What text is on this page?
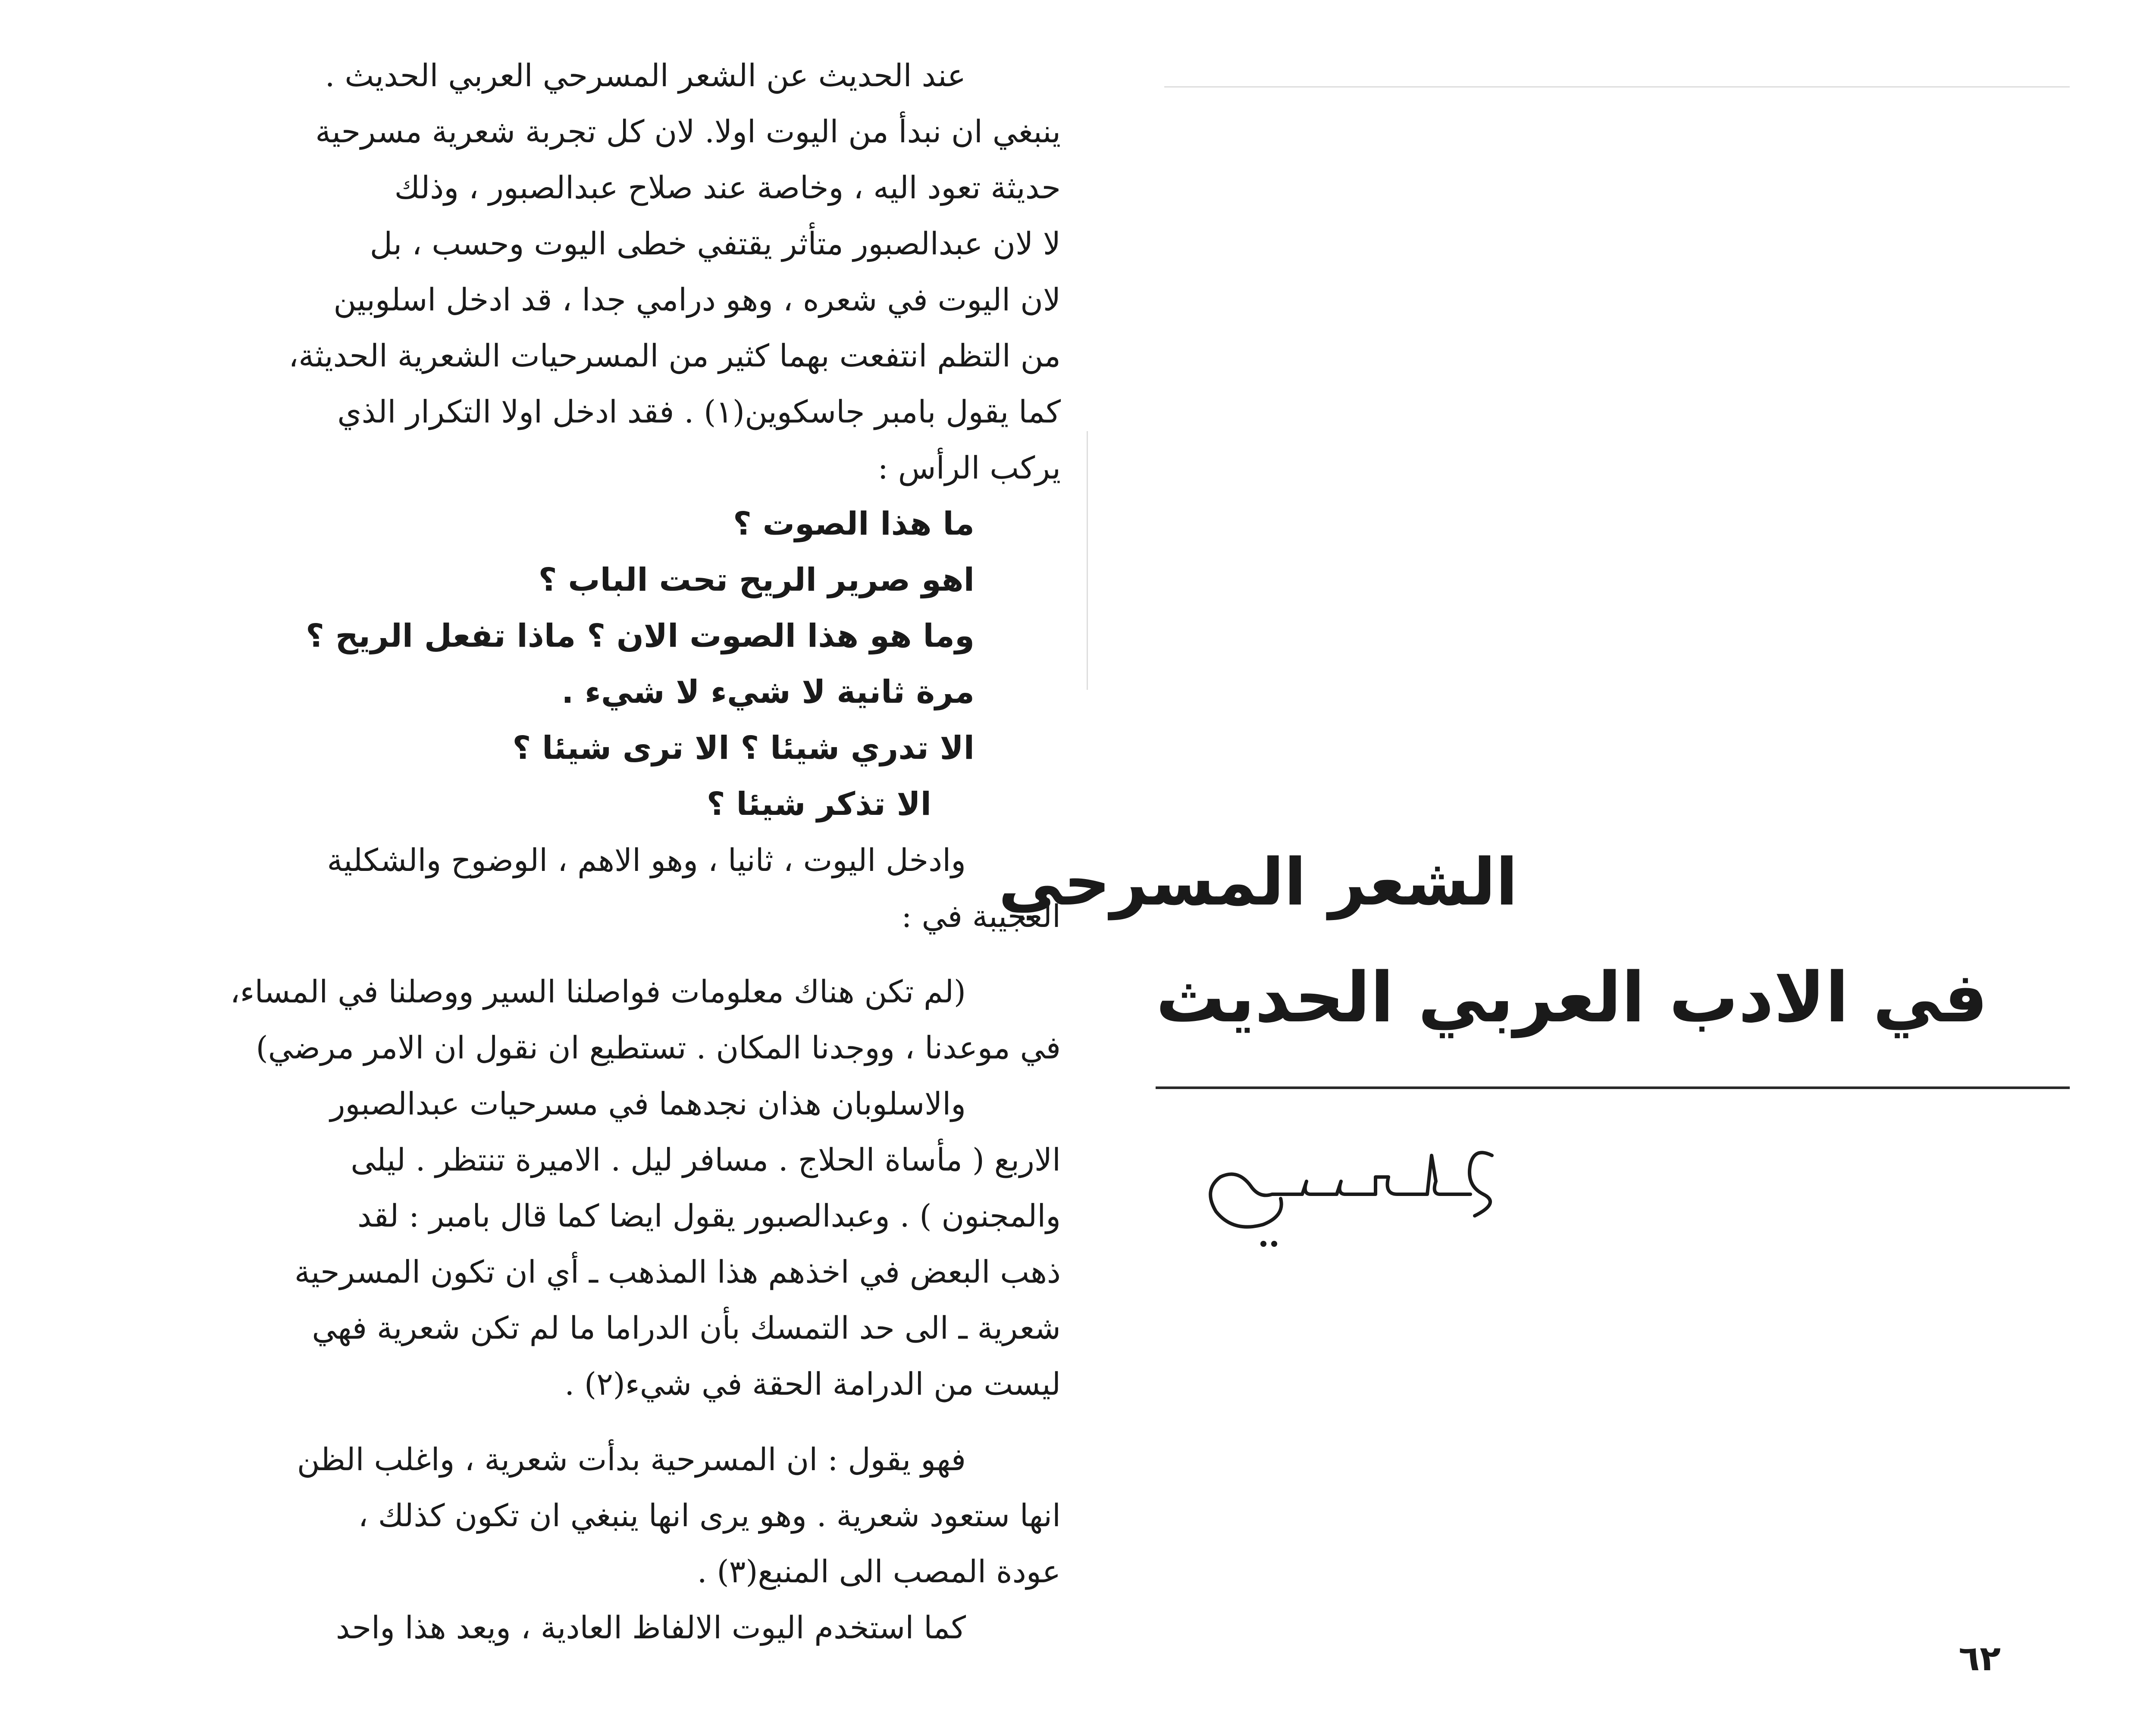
عند الحديث عن الشعر المسرحي العربي الحديث .

ينبغي ان نبدأ من اليوت اولا. لان كل تجربة شعرية مسرحية

حديثة تعود اليه ، وخاصة عند صلاح عبدالصبور ، وذلك

لا لان عبدالصبور متأثر يقتفي خطى اليوت وحسب ، بل

لان اليوت في شعره ، وهو درامي جدا ، قد ادخل اسلوبين

من التظم انتفعت بهما كثير من المسرحيات الشعرية الحديثة،

كما يقول بامبر جاسكوين(١) . فقد ادخل اولا التكرار الذي

يركب الرأس :

ما هذا الصوت ؟
اهو صرير الريح تحت الباب ؟
وما هو هذا الصوت الان ؟ ماذا تفعل الريح ؟
مرة ثانية لا شيء لا شيء .
الا تدري شيئا ؟ الا ترى شيئا ؟
الا تذكر شيئا ؟

وادخل اليوت ، ثانيا ، وهو الاهم ، الوضوح والشكلية

العجيبة في :

(لم تكن هناك معلومات فواصلنا السير ووصلنا في المساء،

في موعدنا ، ووجدنا المكان . تستطيع ان نقول ان الامر مرضي)

والاسلوبان هذان نجدهما في مسرحيات عبدالصبور

الاربع ( مأساة الحلاج . مسافر ليل . الاميرة تنتظر . ليلى

والمجنون ) . وعبدالصبور يقول ايضا كما قال بامبر : لقد

ذهب البعض في اخذهم هذا المذهب ـ أي ان تكون المسرحية

شعرية ـ الى حد التمسك بأن الدراما ما لم تكن شعرية فهي

ليست من الدرامة الحقة في شيء(٢) .

فهو يقول : ان المسرحية بدأت شعرية ، واغلب الظن

انها ستعود شعرية . وهو يرى انها ينبغي ان تكون كذلك ،

عودة المصب الى المنبع(٣) .

كما استخدم اليوت الالفاظ العادية ، ويعد هذا واحد

الشعر المسرحي
في الادب العربي الحديث
٦٢
